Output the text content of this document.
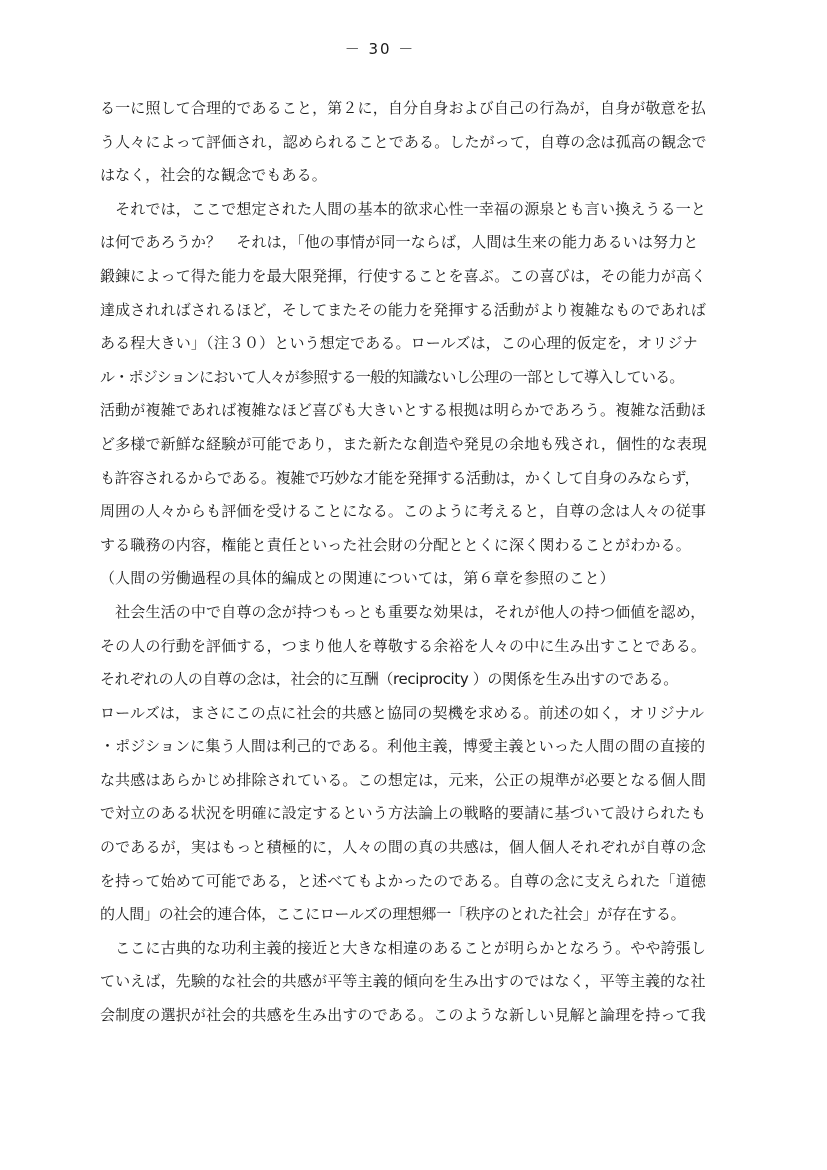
－ 30 －
る一に照して合理的であること，第２に，自分自身および自己の行為が，自身が敬意を払
う人々によって評価され，認められることである。したがって，自尊の念は孤高の観念で
はなく，社会的な観念でもある。
　それでは，ここで想定された人間の基本的欲求心性一幸福の源泉とも言い換えうる一と
は何であろうか？　それは，「他の事情が同一ならば，人間は生来の能力あるいは努力と
鍛錬によって得た能力を最大限発揮，行使することを喜ぶ。この喜びは，その能力が高く
達成されればされるほど，そしてまたその能力を発揮する活動がより複雑なものであれば
ある程大きい」（注３０）という想定である。ロールズは，この心理的仮定を，オリジナ
ル・ポジションにおいて人々が参照する一般的知識ないし公理の一部として導入している。
活動が複雑であれば複雑なほど喜びも大きいとする根拠は明らかであろう。複雑な活動ほ
ど多様で新鮮な経験が可能であり，また新たな創造や発見の余地も残され，個性的な表現
も許容されるからである。複雑で巧妙な才能を発揮する活動は，かくして自身のみならず，
周囲の人々からも評価を受けることになる。このように考えると，自尊の念は人々の従事
する職務の内容，権能と責任といった社会財の分配ととくに深く関わることがわかる。
（人間の労働過程の具体的編成との関連については，第６章を参照のこと）
　社会生活の中で自尊の念が持つもっとも重要な効果は，それが他人の持つ価値を認め，
その人の行動を評価する，つまり他人を尊敬する余裕を人々の中に生み出すことである。
それぞれの人の自尊の念は，社会的に互酬（reciprocity ）の関係を生み出すのである。
ロールズは，まさにこの点に社会的共感と協同の契機を求める。前述の如く，オリジナル
・ポジションに集う人間は利己的である。利他主義，博愛主義といった人間の間の直接的
な共感はあらかじめ排除されている。この想定は，元来，公正の規準が必要となる個人間
で対立のある状況を明確に設定するという方法論上の戦略的要請に基づいて設けられたも
のであるが，実はもっと積極的に，人々の間の真の共感は，個人個人それぞれが自尊の念
を持って始めて可能である，と述べてもよかったのである。自尊の念に支えられた「道徳
的人間」の社会的連合体，ここにロールズの理想郷一「秩序のとれた社会」が存在する。
　ここに古典的な功利主義的接近と大きな相違のあることが明らかとなろう。やや誇張し
ていえば，先験的な社会的共感が平等主義的傾向を生み出すのではなく，平等主義的な社
会制度の選択が社会的共感を生み出すのである。このような新しい見解と論理を持って我
